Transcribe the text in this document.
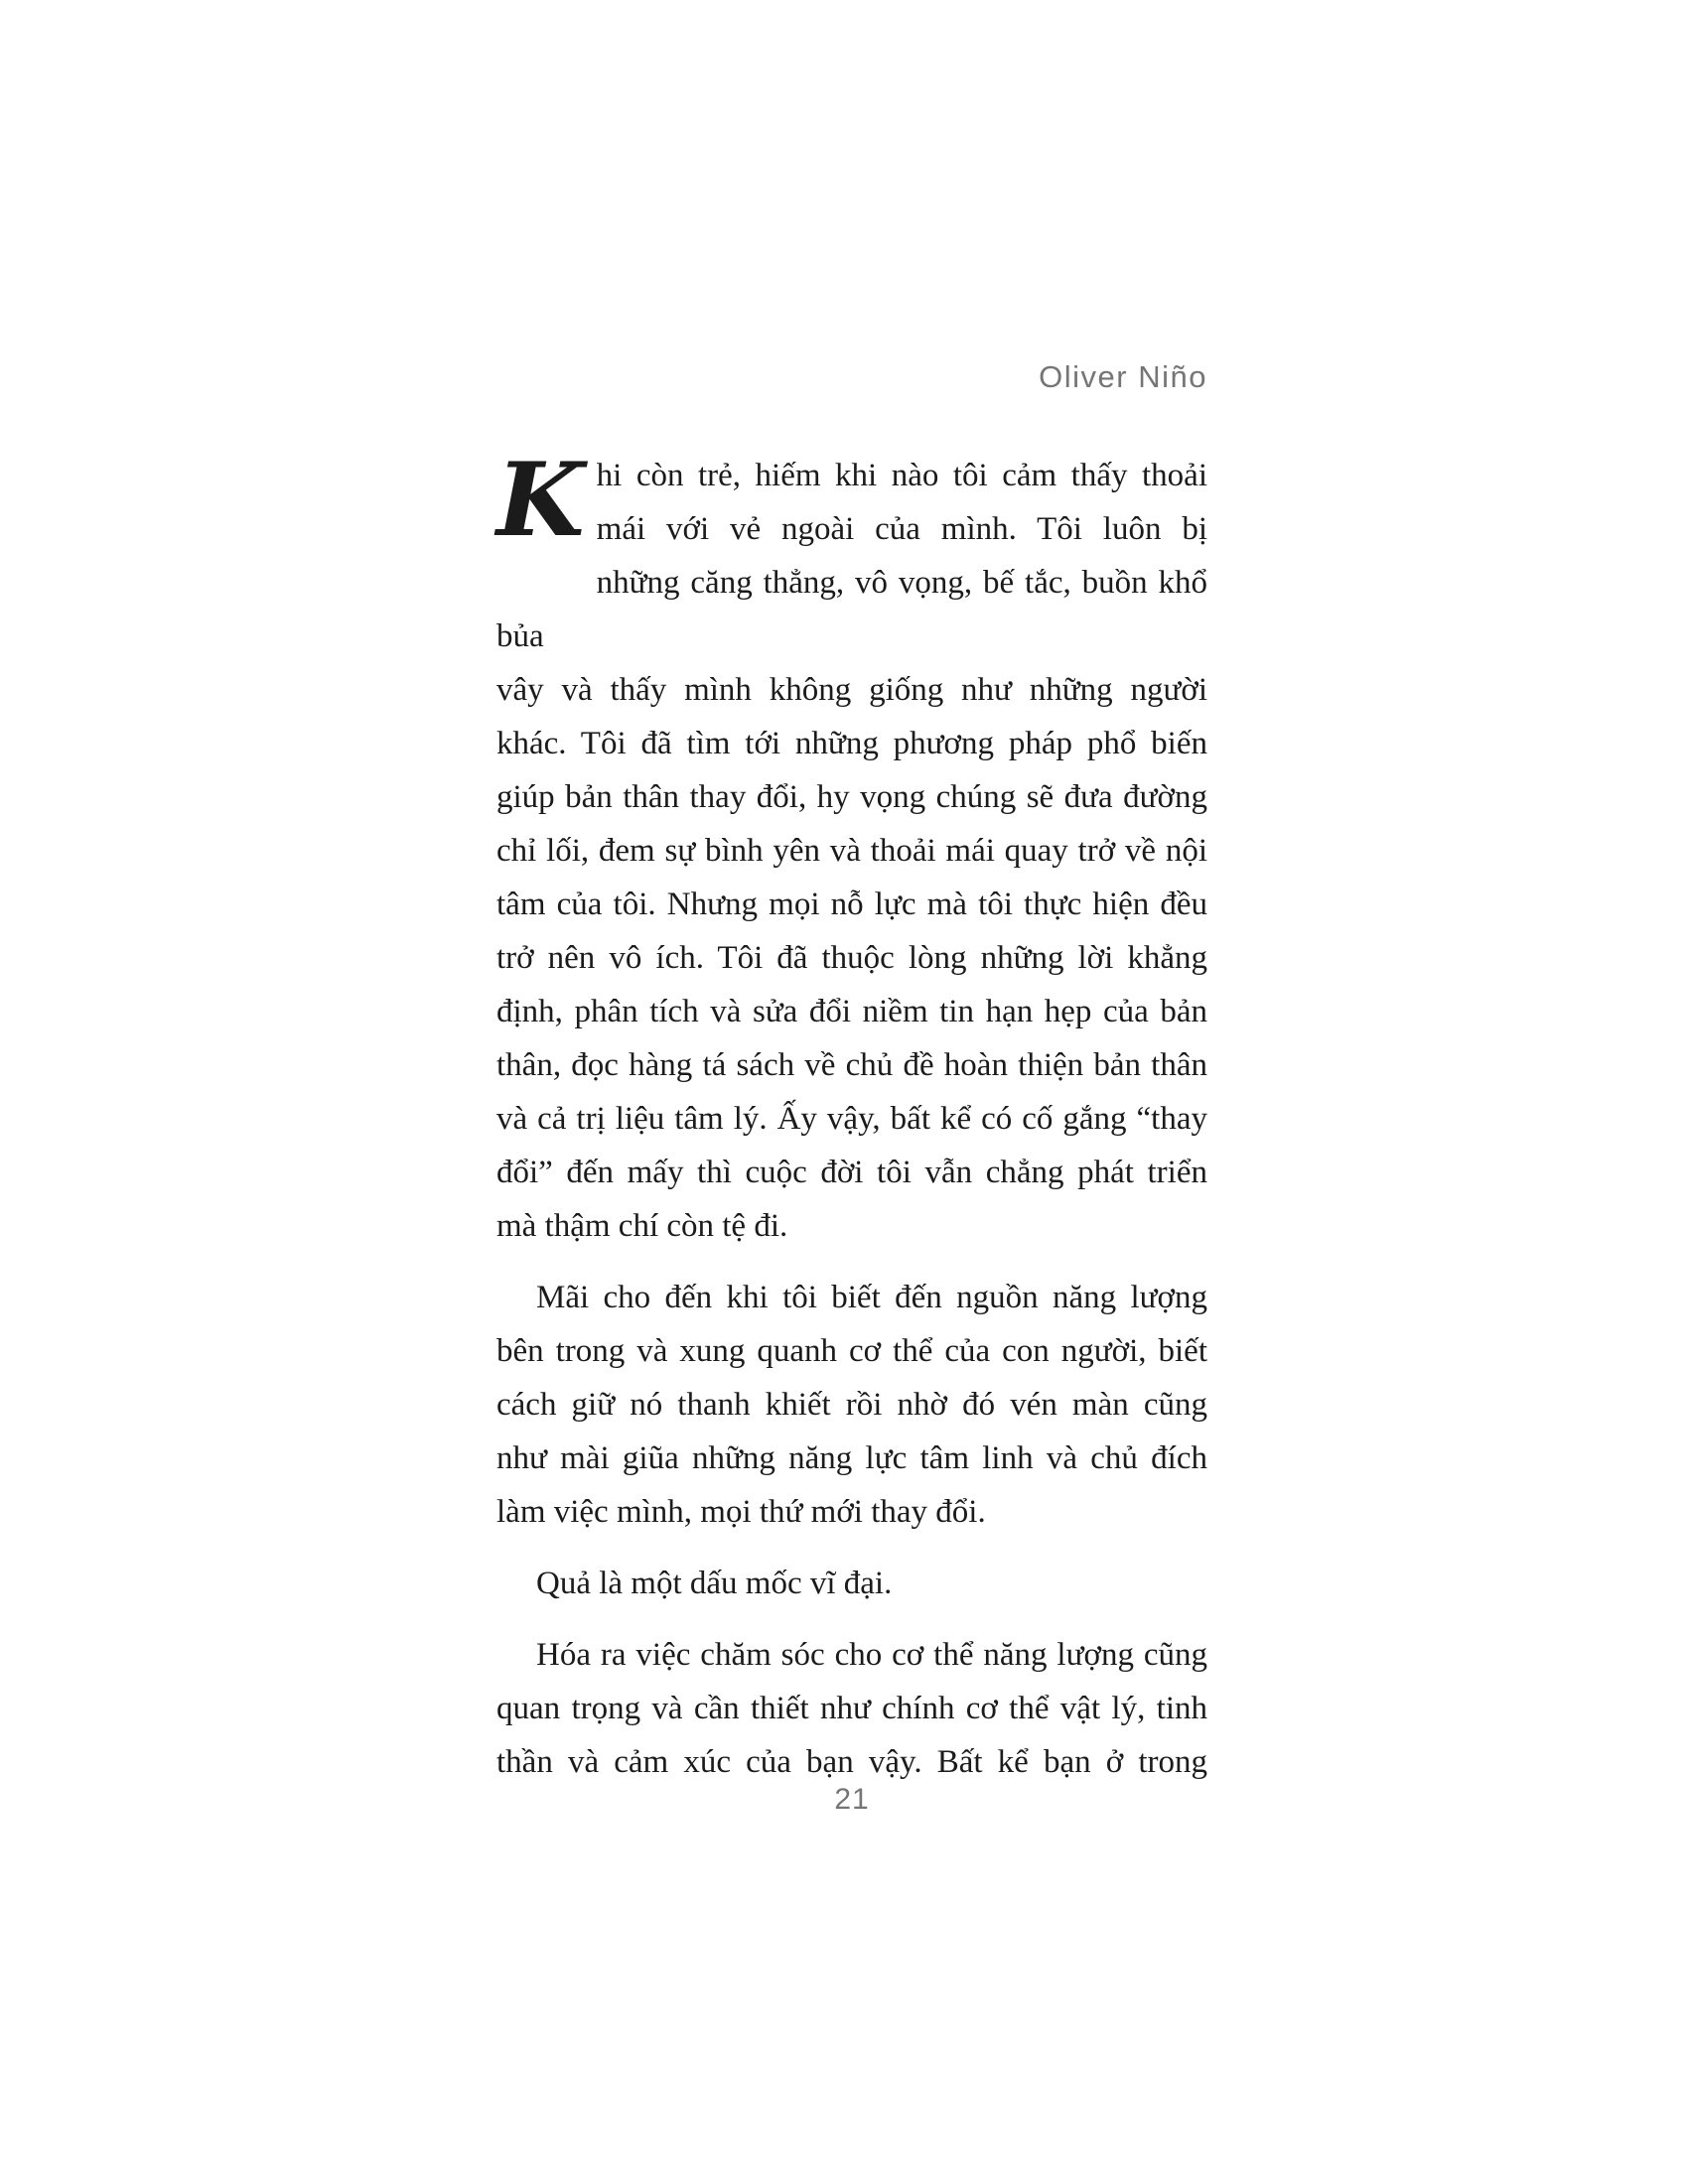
Oliver Niño
K hi còn trẻ, hiếm khi nào tôi cảm thấy thoải
mái với vẻ ngoài của mình. Tôi luôn bị
những căng thẳng, vô vọng, bế tắc, buồn khổ bủa
vây và thấy mình không giống như những người
khác. Tôi đã tìm tới những phương pháp phổ biến
giúp bản thân thay đổi, hy vọng chúng sẽ đưa đường
chỉ lối, đem sự bình yên và thoải mái quay trở về nội
tâm của tôi. Nhưng mọi nỗ lực mà tôi thực hiện đều
trở nên vô ích. Tôi đã thuộc lòng những lời khẳng
định, phân tích và sửa đổi niềm tin hạn hẹp của bản
thân, đọc hàng tá sách về chủ đề hoàn thiện bản thân
và cả trị liệu tâm lý. Ấy vậy, bất kể có cố gắng “thay
đổi” đến mấy thì cuộc đời tôi vẫn chẳng phát triển
mà thậm chí còn tệ đi.
Mãi cho đến khi tôi biết đến nguồn năng lượng
bên trong và xung quanh cơ thể của con người, biết
cách giữ nó thanh khiết rồi nhờ đó vén màn cũng
như mài giũa những năng lực tâm linh và chủ đích
làm việc mình, mọi thứ mới thay đổi.
Quả là một dấu mốc vĩ đại.
Hóa ra việc chăm sóc cho cơ thể năng lượng cũng
quan trọng và cần thiết như chính cơ thể vật lý, tinh
thần và cảm xúc của bạn vậy. Bất kể bạn ở trong
21
